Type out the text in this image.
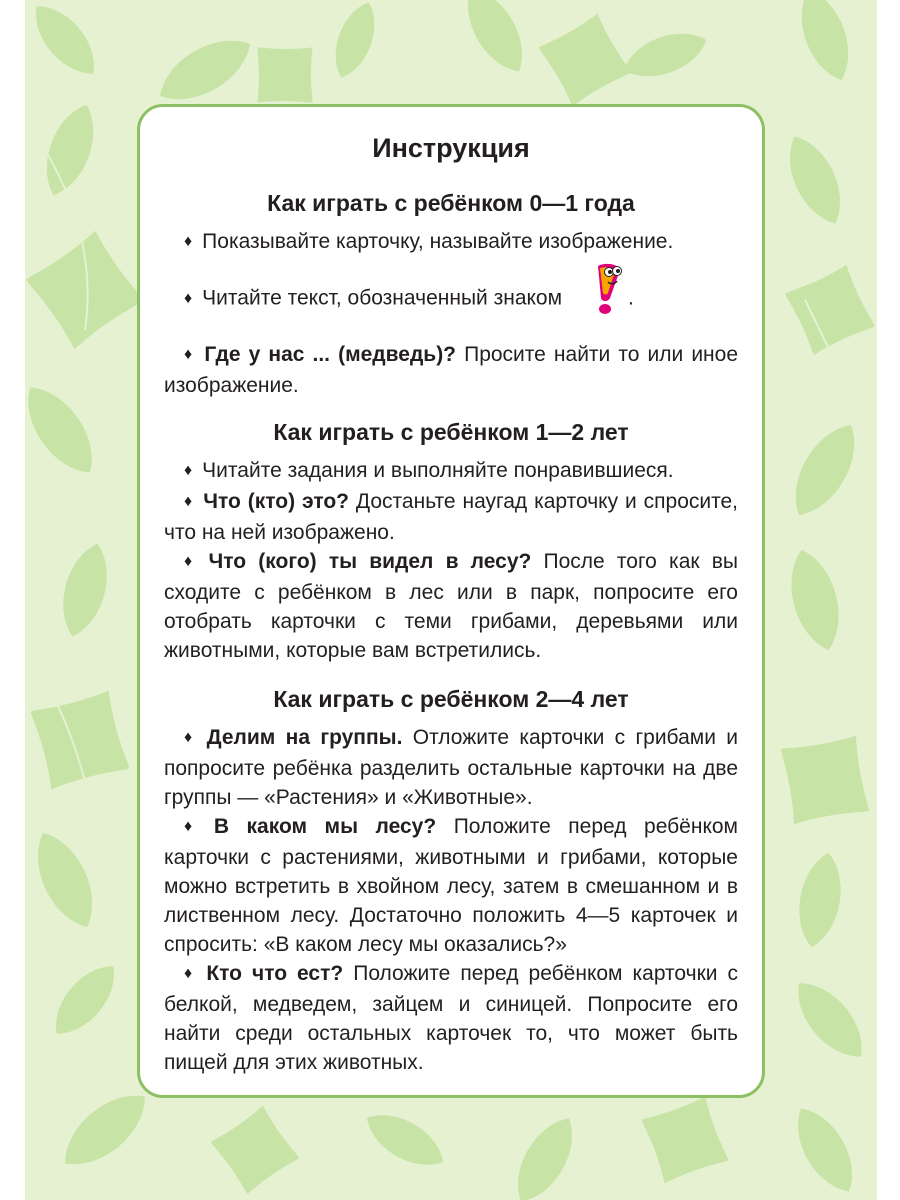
Инструкция
Как играть с ребёнком 0—1 года

♦ Показывайте карточку, называйте изображение.

♦ Читайте текст, обозначенный знаком	.

♦ Где у нас ... (медведь)? Просите найти то или иное изображение.

Как играть с ребёнком 1—2 лет

♦ Читайте задания и выполняйте понравившиеся.

♦ Что (кто) это? Достаньте наугад карточку и спросите, что на ней изображено.

♦ Что (кого) ты видел в лесу? После того как вы сходите с ребёнком в лес или в парк, попросите его отобрать карточки с теми грибами, деревьями или животными, которые вам встретились.

Как играть с ребёнком 2—4 лет

♦ Делим на группы. Отложите карточки с грибами и попросите ребёнка разделить остальные карточки на две группы — «Растения» и «Животные».

♦ В каком мы лесу? Положите перед ребёнком карточки с растениями, животными и грибами, которые можно встретить в хвойном лесу, затем в смешанном и в лиственном лесу. Достаточно положить 4—5 карточек и спросить: «В каком лесу мы оказались?»

♦ Кто что ест? Положите перед ребёнком карточки с белкой, медведем, зайцем и синицей. Попросите его найти среди остальных карточек то, что может быть пищей для этих животных.
